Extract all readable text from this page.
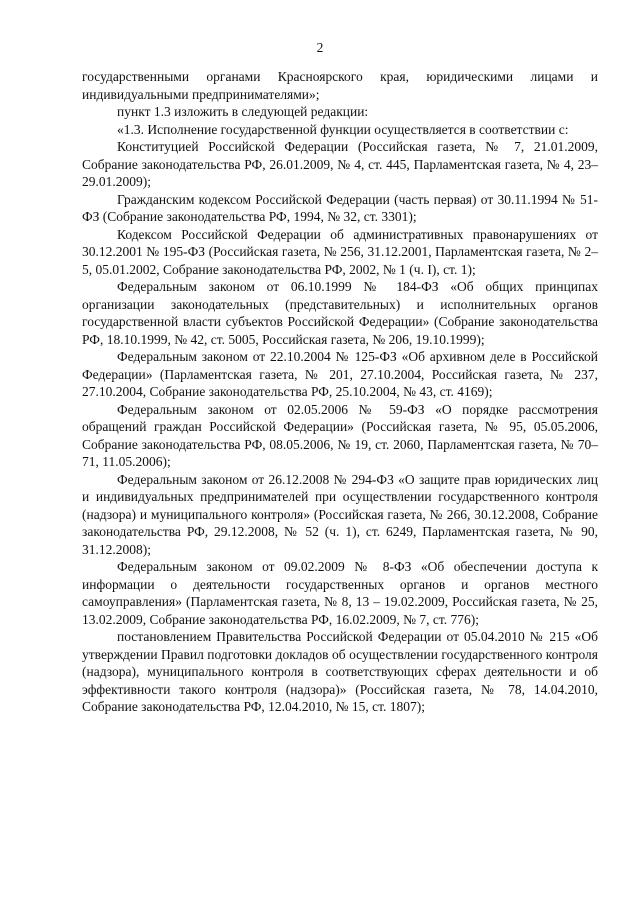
2

государственными органами Красноярского края, юридическими лицами и индивидуальными предпринимателями»;

пункт 1.3 изложить в следующей редакции:

«1.3. Исполнение государственной функции осуществляется в соответствии с:

Конституцией Российской Федерации (Российская газета, № 7, 21.01.2009, Собрание законодательства РФ, 26.01.2009, № 4, ст. 445, Парламентская газета, № 4, 23–29.01.2009);

Гражданским кодексом Российской Федерации (часть первая) от 30.11.1994 № 51-ФЗ (Собрание законодательства РФ, 1994, № 32, ст. 3301);

Кодексом Российской Федерации об административных правонарушениях от 30.12.2001 № 195-ФЗ (Российская газета, № 256, 31.12.2001, Парламентская газета, № 2–5, 05.01.2002, Собрание законодательства РФ, 2002, № 1 (ч. I), ст. 1);

Федеральным законом от 06.10.1999 № 184-ФЗ «Об общих принципах организации законодательных (представительных) и исполнительных органов государственной власти субъектов Российской Федерации» (Собрание законодательства РФ, 18.10.1999, № 42, ст. 5005, Российская газета, № 206, 19.10.1999);

Федеральным законом от 22.10.2004 № 125-ФЗ «Об архивном деле в Российской Федерации» (Парламентская газета, № 201, 27.10.2004, Российская газета, № 237, 27.10.2004, Собрание законодательства РФ, 25.10.2004, № 43, ст. 4169);

Федеральным законом от 02.05.2006 № 59-ФЗ «О порядке рассмотрения обращений граждан Российской Федерации» (Российская газета, № 95, 05.05.2006, Собрание законодательства РФ, 08.05.2006, № 19, ст. 2060, Парламентская газета, № 70–71, 11.05.2006);

Федеральным законом от 26.12.2008 № 294-ФЗ «О защите прав юридических лиц и индивидуальных предпринимателей при осуществлении государственного контроля (надзора) и муниципального контроля» (Российская газета, № 266, 30.12.2008, Собрание законодательства РФ, 29.12.2008, № 52 (ч. 1), ст. 6249, Парламентская газета, № 90, 31.12.2008);

Федеральным законом от 09.02.2009 № 8-ФЗ «Об обеспечении доступа к информации о деятельности государственных органов и органов местного самоуправления» (Парламентская газета, № 8, 13 – 19.02.2009, Российская газета, № 25, 13.02.2009, Собрание законодательства РФ, 16.02.2009, № 7, ст. 776);

постановлением Правительства Российской Федерации от 05.04.2010 № 215 «Об утверждении Правил подготовки докладов об осуществлении государственного контроля (надзора), муниципального контроля в соответствующих сферах деятельности и об эффективности такого контроля (надзора)» (Российская газета, № 78, 14.04.2010, Собрание законодательства РФ, 12.04.2010, № 15, ст. 1807);
